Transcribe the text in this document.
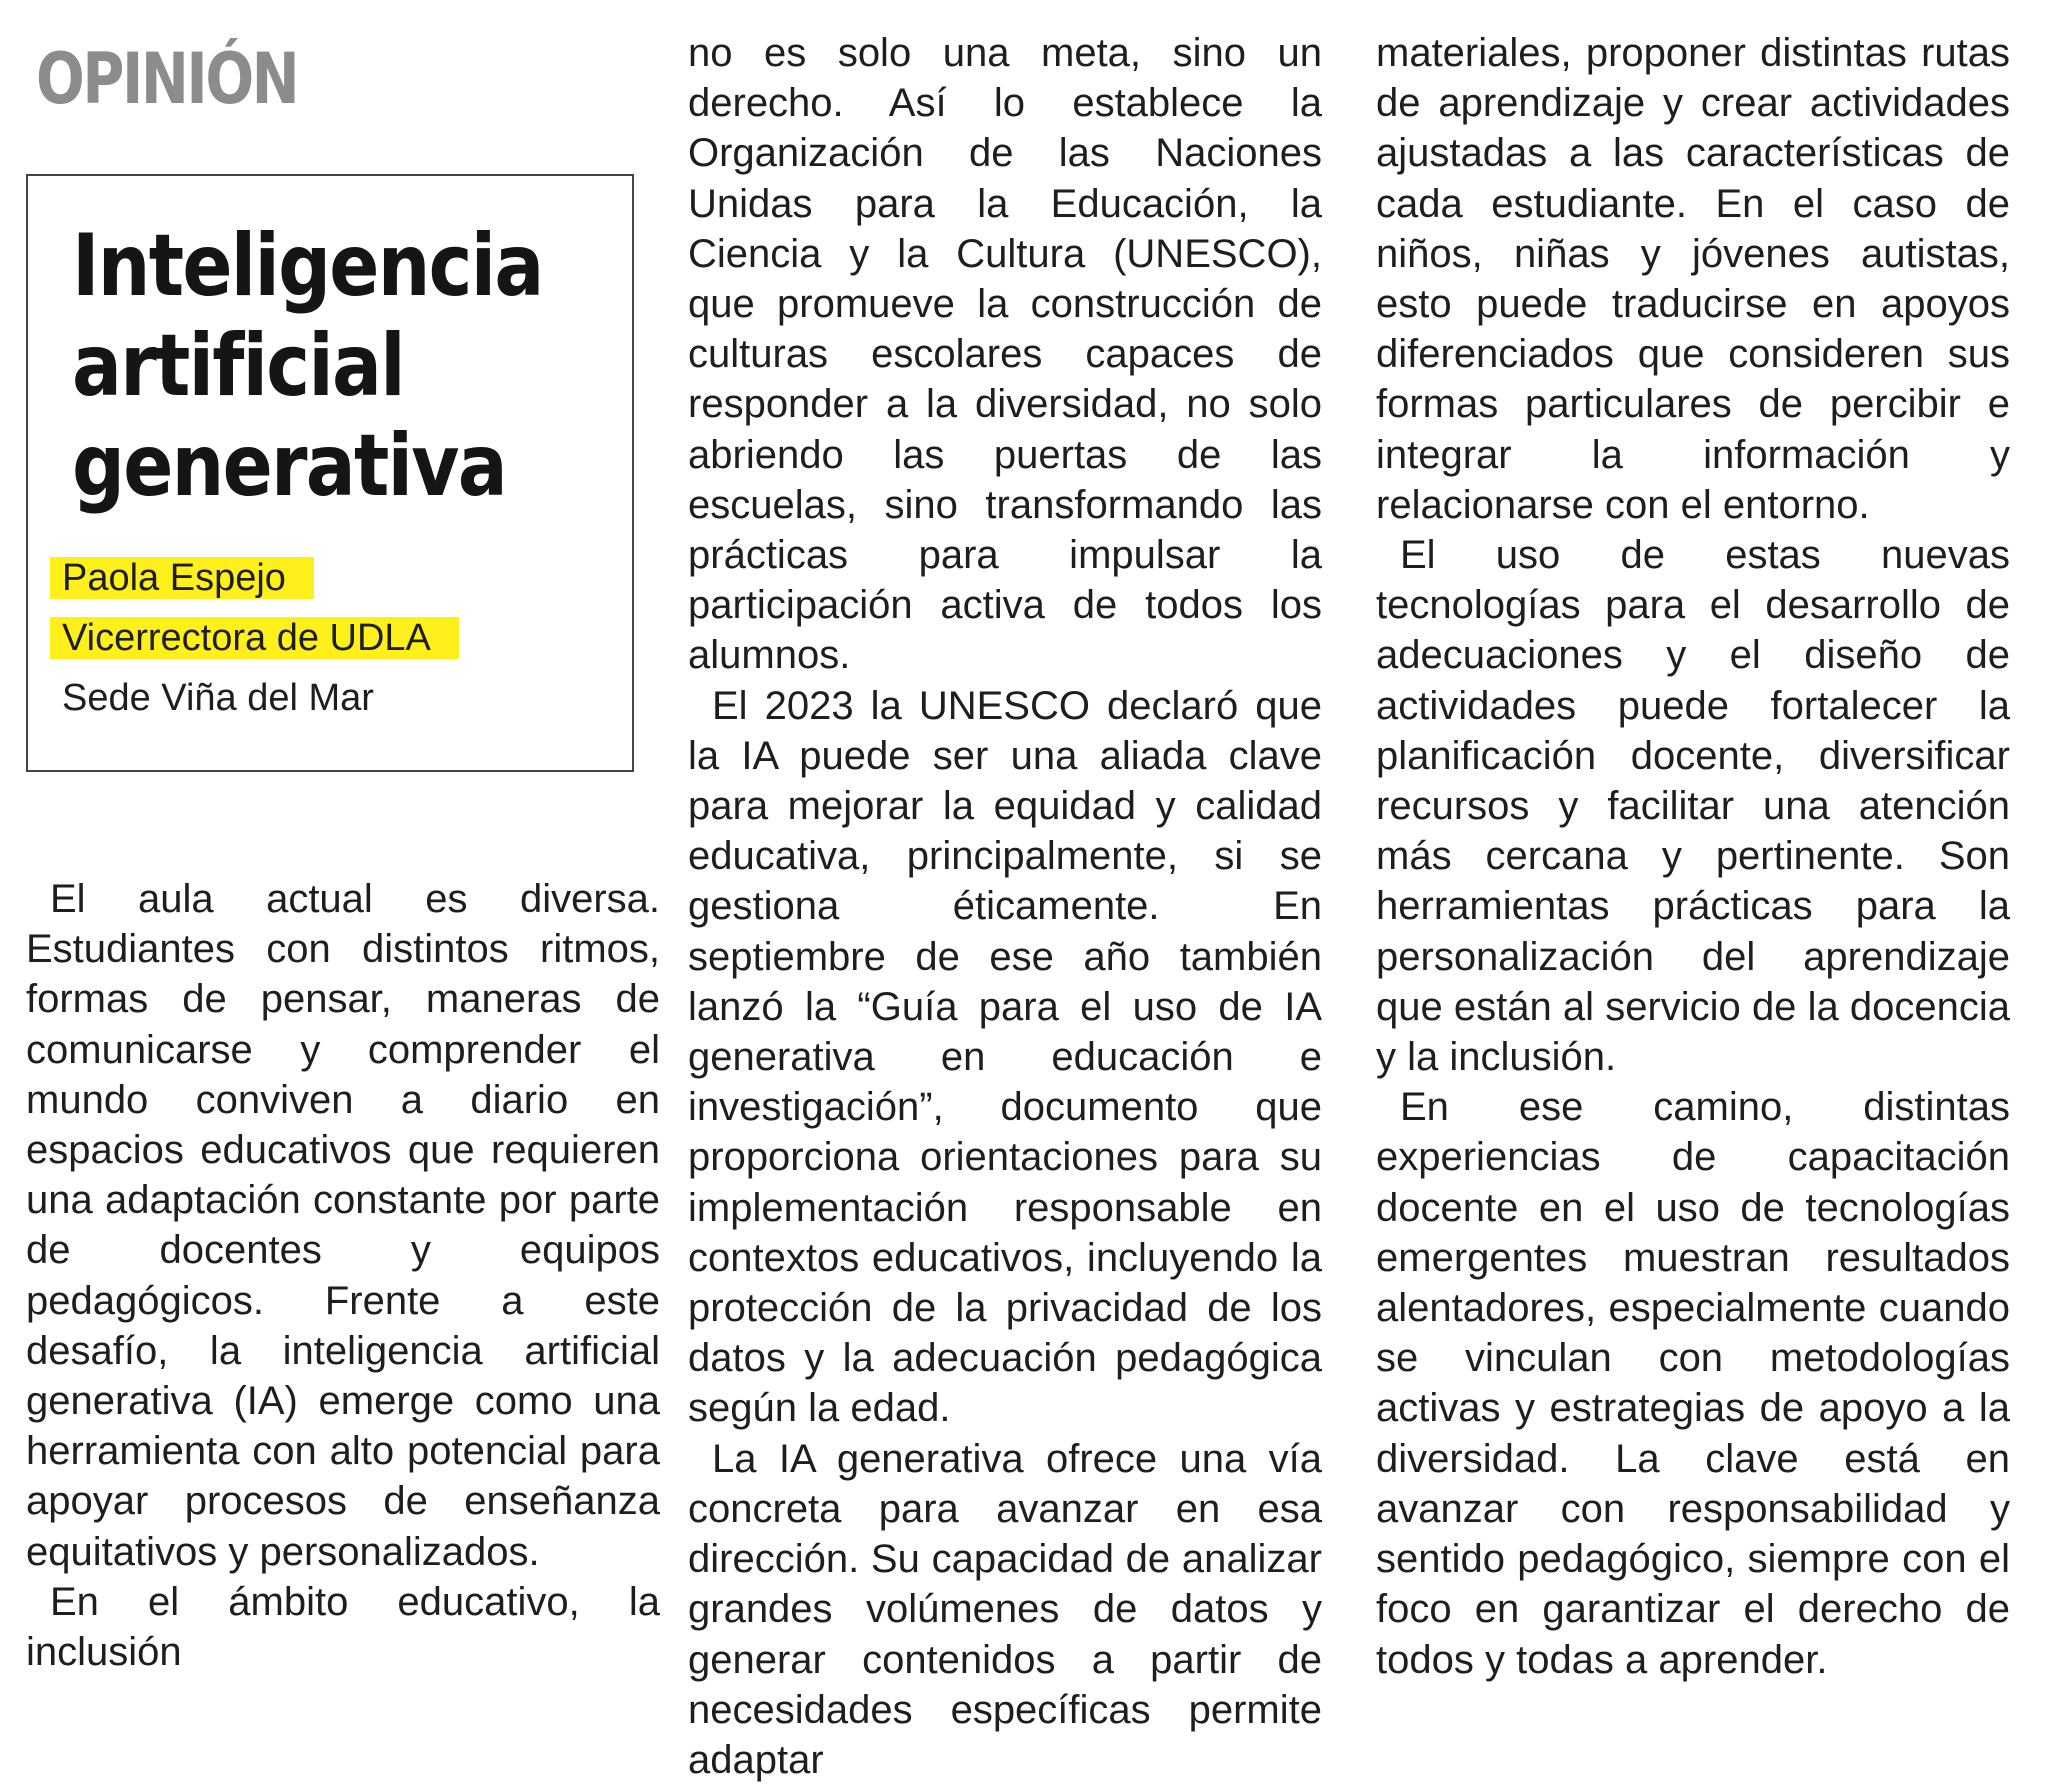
OPINIÓN
Inteligencia
artificial
generativa
Paola Espejo
Vicerrectora de UDLA
Sede Viña del Mar

El aula actual es diversa. Estudiantes con distintos ritmos, formas de pensar, maneras de comunicarse y comprender el mundo conviven a diario en espacios educativos que requieren una adaptación constante por parte de docentes y equipos pedagógicos. Frente a este desafío, la inteligencia artificial generativa (IA) emerge como una herramienta con alto potencial para apoyar procesos de enseñanza equitativos y personalizados.

En el ámbito educativo, la inclusión

no es solo una meta, sino un derecho. Así lo establece la Organización de las Naciones Unidas para la Educación, la Ciencia y la Cultura (UNESCO), que promueve la construcción de culturas escolares capaces de responder a la diversidad, no solo abriendo las puertas de las escuelas, sino transformando las prácticas para impulsar la participación activa de todos los alumnos.

El 2023 la UNESCO declaró que la IA puede ser una aliada clave para mejorar la equidad y calidad educativa, principalmente, si se gestiona éticamente. En septiembre de ese año también lanzó la “Guía para el uso de IA generativa en educación e investigación”, documento que proporciona orientaciones para su implementación responsable en contextos educativos, incluyendo la protección de la privacidad de los datos y la adecuación pedagógica según la edad.

La IA generativa ofrece una vía concreta para avanzar en esa dirección. Su capacidad de analizar grandes volúmenes de datos y generar contenidos a partir de necesidades específicas permite adaptar

materiales, proponer distintas rutas de aprendizaje y crear actividades ajustadas a las características de cada estudiante. En el caso de niños, niñas y jóvenes autistas, esto puede traducirse en apoyos diferenciados que consideren sus formas particulares de percibir e integrar la información y relacionarse con el entorno.

El uso de estas nuevas tecnologías para el desarrollo de adecuaciones y el diseño de actividades puede fortalecer la planificación docente, diversificar recursos y facilitar una atención más cercana y pertinente. Son herramientas prácticas para la personalización del aprendizaje que están al servicio de la docencia y la inclusión.

En ese camino, distintas experiencias de capacitación docente en el uso de tecnologías emergentes muestran resultados alentadores, especialmente cuando se vinculan con metodologías activas y estrategias de apoyo a la diversidad. La clave está en avanzar con responsabilidad y sentido pedagógico, siempre con el foco en garantizar el derecho de todos y todas a aprender.
